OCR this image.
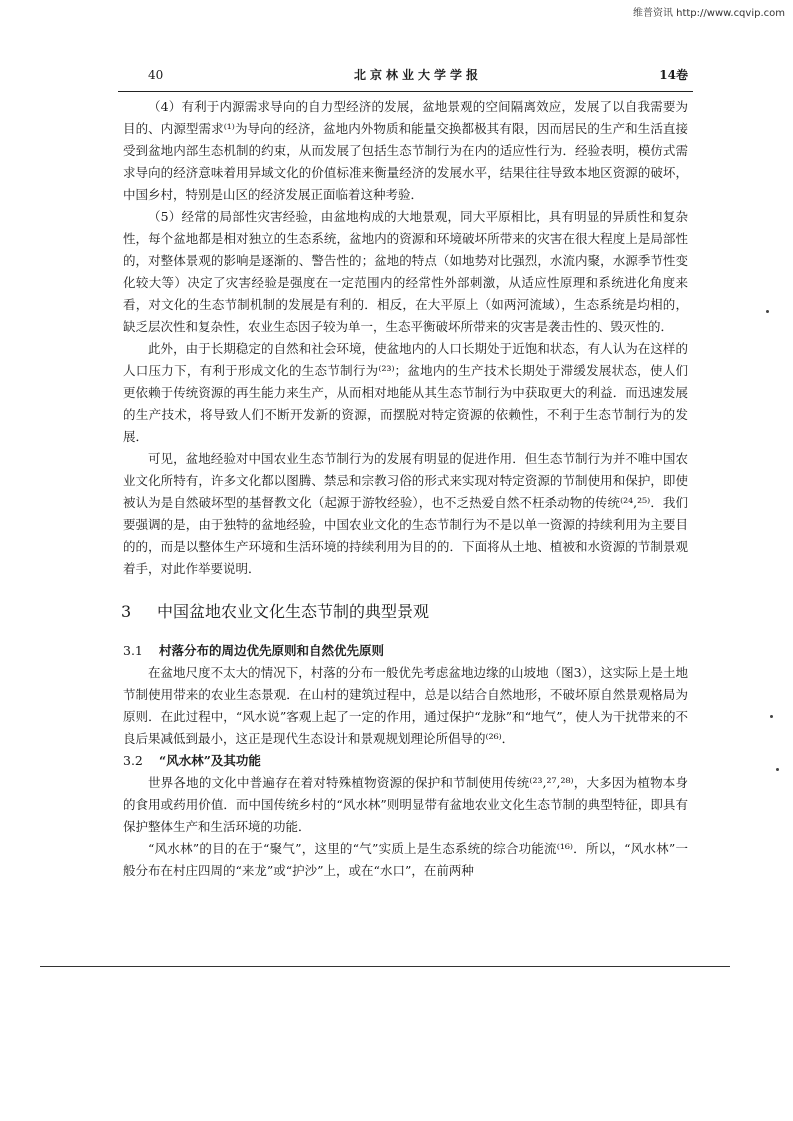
维普资讯 http://www.cqvip.com
40	北京林业大学学报	14卷

（4）有利于内源需求导向的自力型经济的发展，盆地景观的空间隔离效应，发展了以自我需要为目的、内源型需求⁽¹⁾为导向的经济，盆地内外物质和能量交换都极其有限，因而居民的生产和生活直接受到盆地内部生态机制的约束，从而发展了包括生态节制行为在内的适应性行为．经验表明，模仿式需求导向的经济意味着用异域文化的价值标准来衡量经济的发展水平，结果往往导致本地区资源的破坏，中国乡村，特别是山区的经济发展正面临着这种考验．

（5）经常的局部性灾害经验，由盆地构成的大地景观，同大平原相比，具有明显的异质性和复杂性，每个盆地都是相对独立的生态系统，盆地内的资源和环境破坏所带来的灾害在很大程度上是局部性的，对整体景观的影响是逐渐的、警告性的；盆地的特点（如地势对比强烈，水流内聚，水源季节性变化较大等）决定了灾害经验是强度在一定范围内的经常性外部刺激，从适应性原理和系统进化角度来看，对文化的生态节制机制的发展是有利的．相反，在大平原上（如两河流域），生态系统是均相的，缺乏层次性和复杂性，农业生态因子较为单一，生态平衡破坏所带来的灾害是袭击性的、毁灭性的．

此外，由于长期稳定的自然和社会环境，使盆地内的人口长期处于近饱和状态，有人认为在这样的人口压力下，有利于形成文化的生态节制行为⁽²³⁾；盆地内的生产技术长期处于滞缓发展状态，使人们更依赖于传统资源的再生能力来生产，从而相对地能从其生态节制行为中获取更大的利益．而迅速发展的生产技术，将导致人们不断开发新的资源，而摆脱对特定资源的依赖性，不利于生态节制行为的发展．

可见，盆地经验对中国农业生态节制行为的发展有明显的促进作用．但生态节制行为并不唯中国农业文化所特有，许多文化都以图腾、禁忌和宗教习俗的形式来实现对特定资源的节制使用和保护，即使被认为是自然破坏型的基督教文化（起源于游牧经验），也不乏热爱自然不枉杀动物的传统⁽²⁴,²⁵⁾．我们要强调的是，由于独特的盆地经验，中国农业文化的生态节制行为不是以单一资源的持续利用为主要目的的，而是以整体生产环境和生活环境的持续利用为目的的．下面将从土地、植被和水资源的节制景观着手，对此作举要说明．

3 中国盆地农业文化生态节制的典型景观
3.1 村落分布的周边优先原则和自然优先原则

在盆地尺度不太大的情况下，村落的分布一般优先考虑盆地边缘的山坡地（图3），这实际上是土地节制使用带来的农业生态景观．在山村的建筑过程中，总是以结合自然地形，不破坏原自然景观格局为原则．在此过程中，“风水说”客观上起了一定的作用，通过保护“龙脉”和“地气”，使人为干扰带来的不良后果减低到最小，这正是现代生态设计和景观规划理论所倡导的⁽²⁶⁾．

3.2 “风水林”及其功能

世界各地的文化中普遍存在着对特殊植物资源的保护和节制使用传统⁽²³,²⁷,²⁸⁾，大多因为植物本身的食用或药用价值．而中国传统乡村的“风水林”则明显带有盆地农业文化生态节制的典型特征，即具有保护整体生产和生活环境的功能．

“风水林”的目的在于“聚气”，这里的“气”实质上是生态系统的综合功能流⁽¹⁶⁾．所以，“风水林”一般分布在村庄四周的“来龙”或“护沙”上，或在“水口”，在前两种
